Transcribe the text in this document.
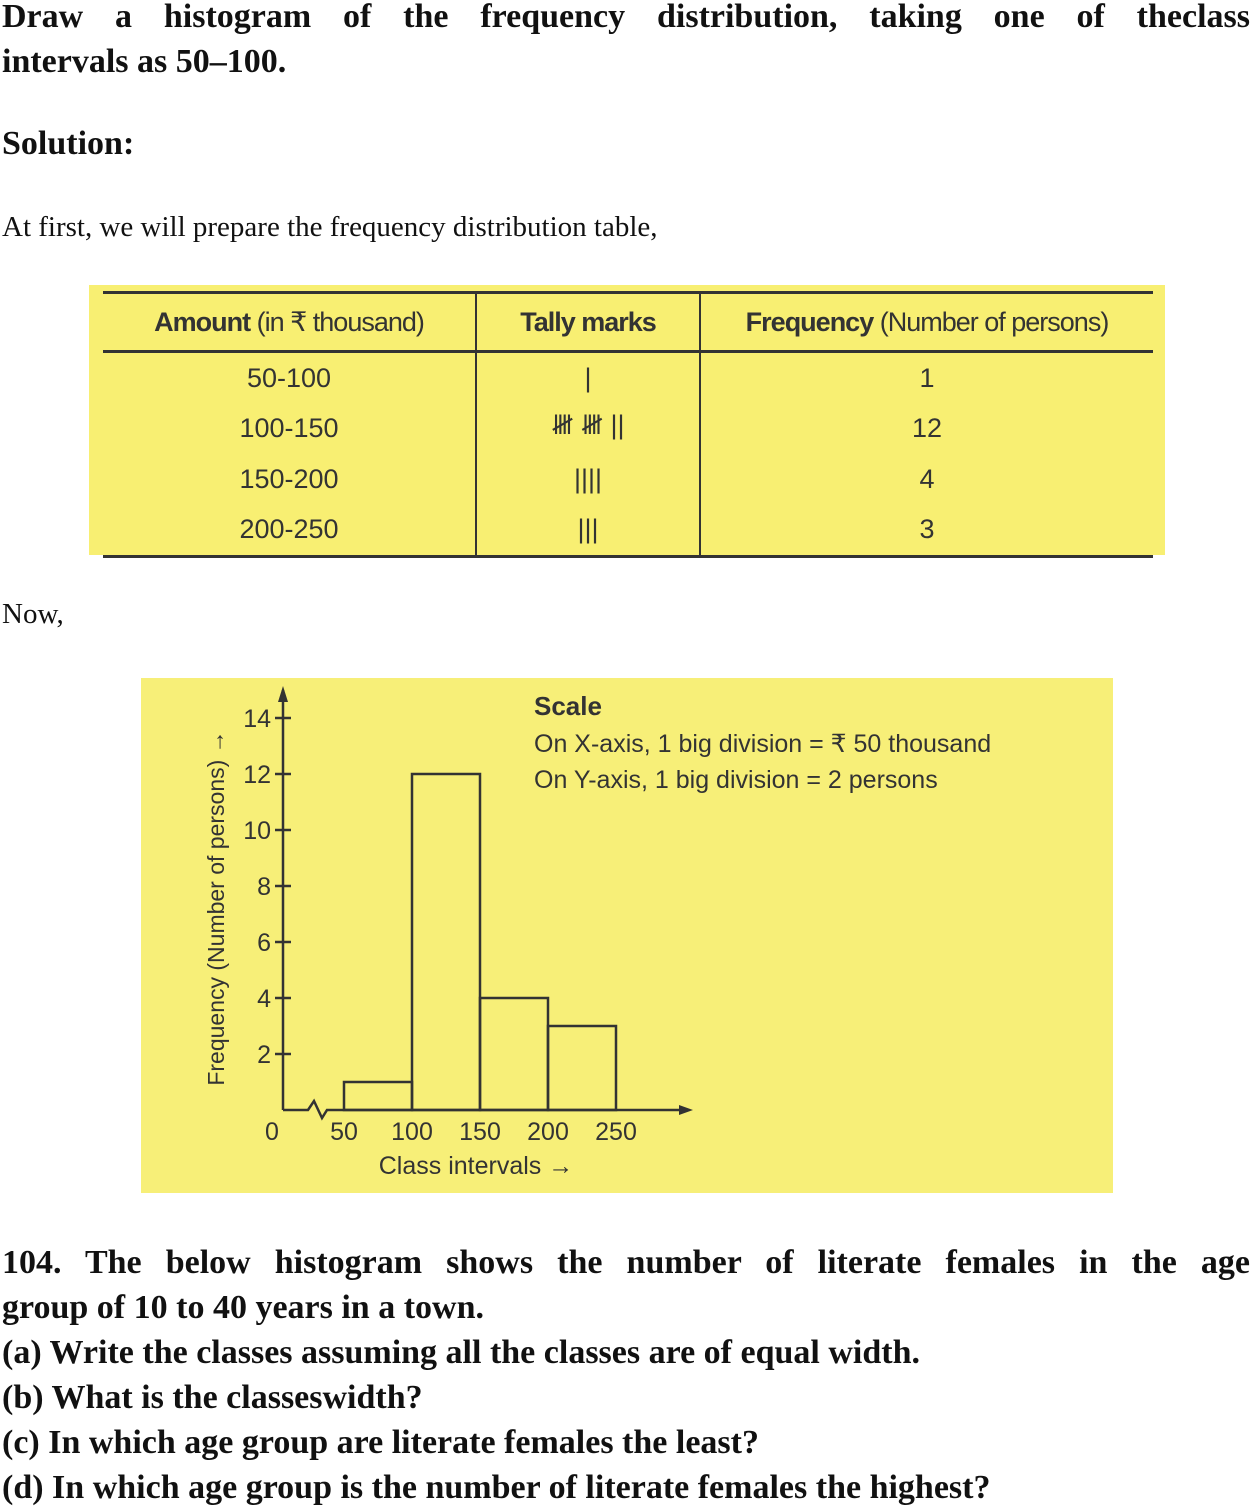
Draw a histogram of the frequency distribution, taking one of theclass
intervals as 50–100.
Solution:
At first, we will prepare the frequency distribution table,
Amount (in ₹ thousand)	Tally marks	Frequency (Number of persons)
50-100	|	1
100-150	𝍸 𝍸 ||	12
150-200	||||	4
200-250	|||	3
Now,
2
4
6
8
10
12
14
0 50 100 150 200 250
Class intervals →
Frequency (Number of persons) →
Scale
On X-axis, 1 big division = ₹ 50 thousand
On Y-axis, 1 big division = 2 persons
104. The below histogram shows the number of literate females in the age
group of 10 to 40 years in a town.
(a) Write the classes assuming all the classes are of equal width.
(b) What is the classeswidth?
(c) In which age group are literate females the least?
(d) In which age group is the number of literate females the highest?
